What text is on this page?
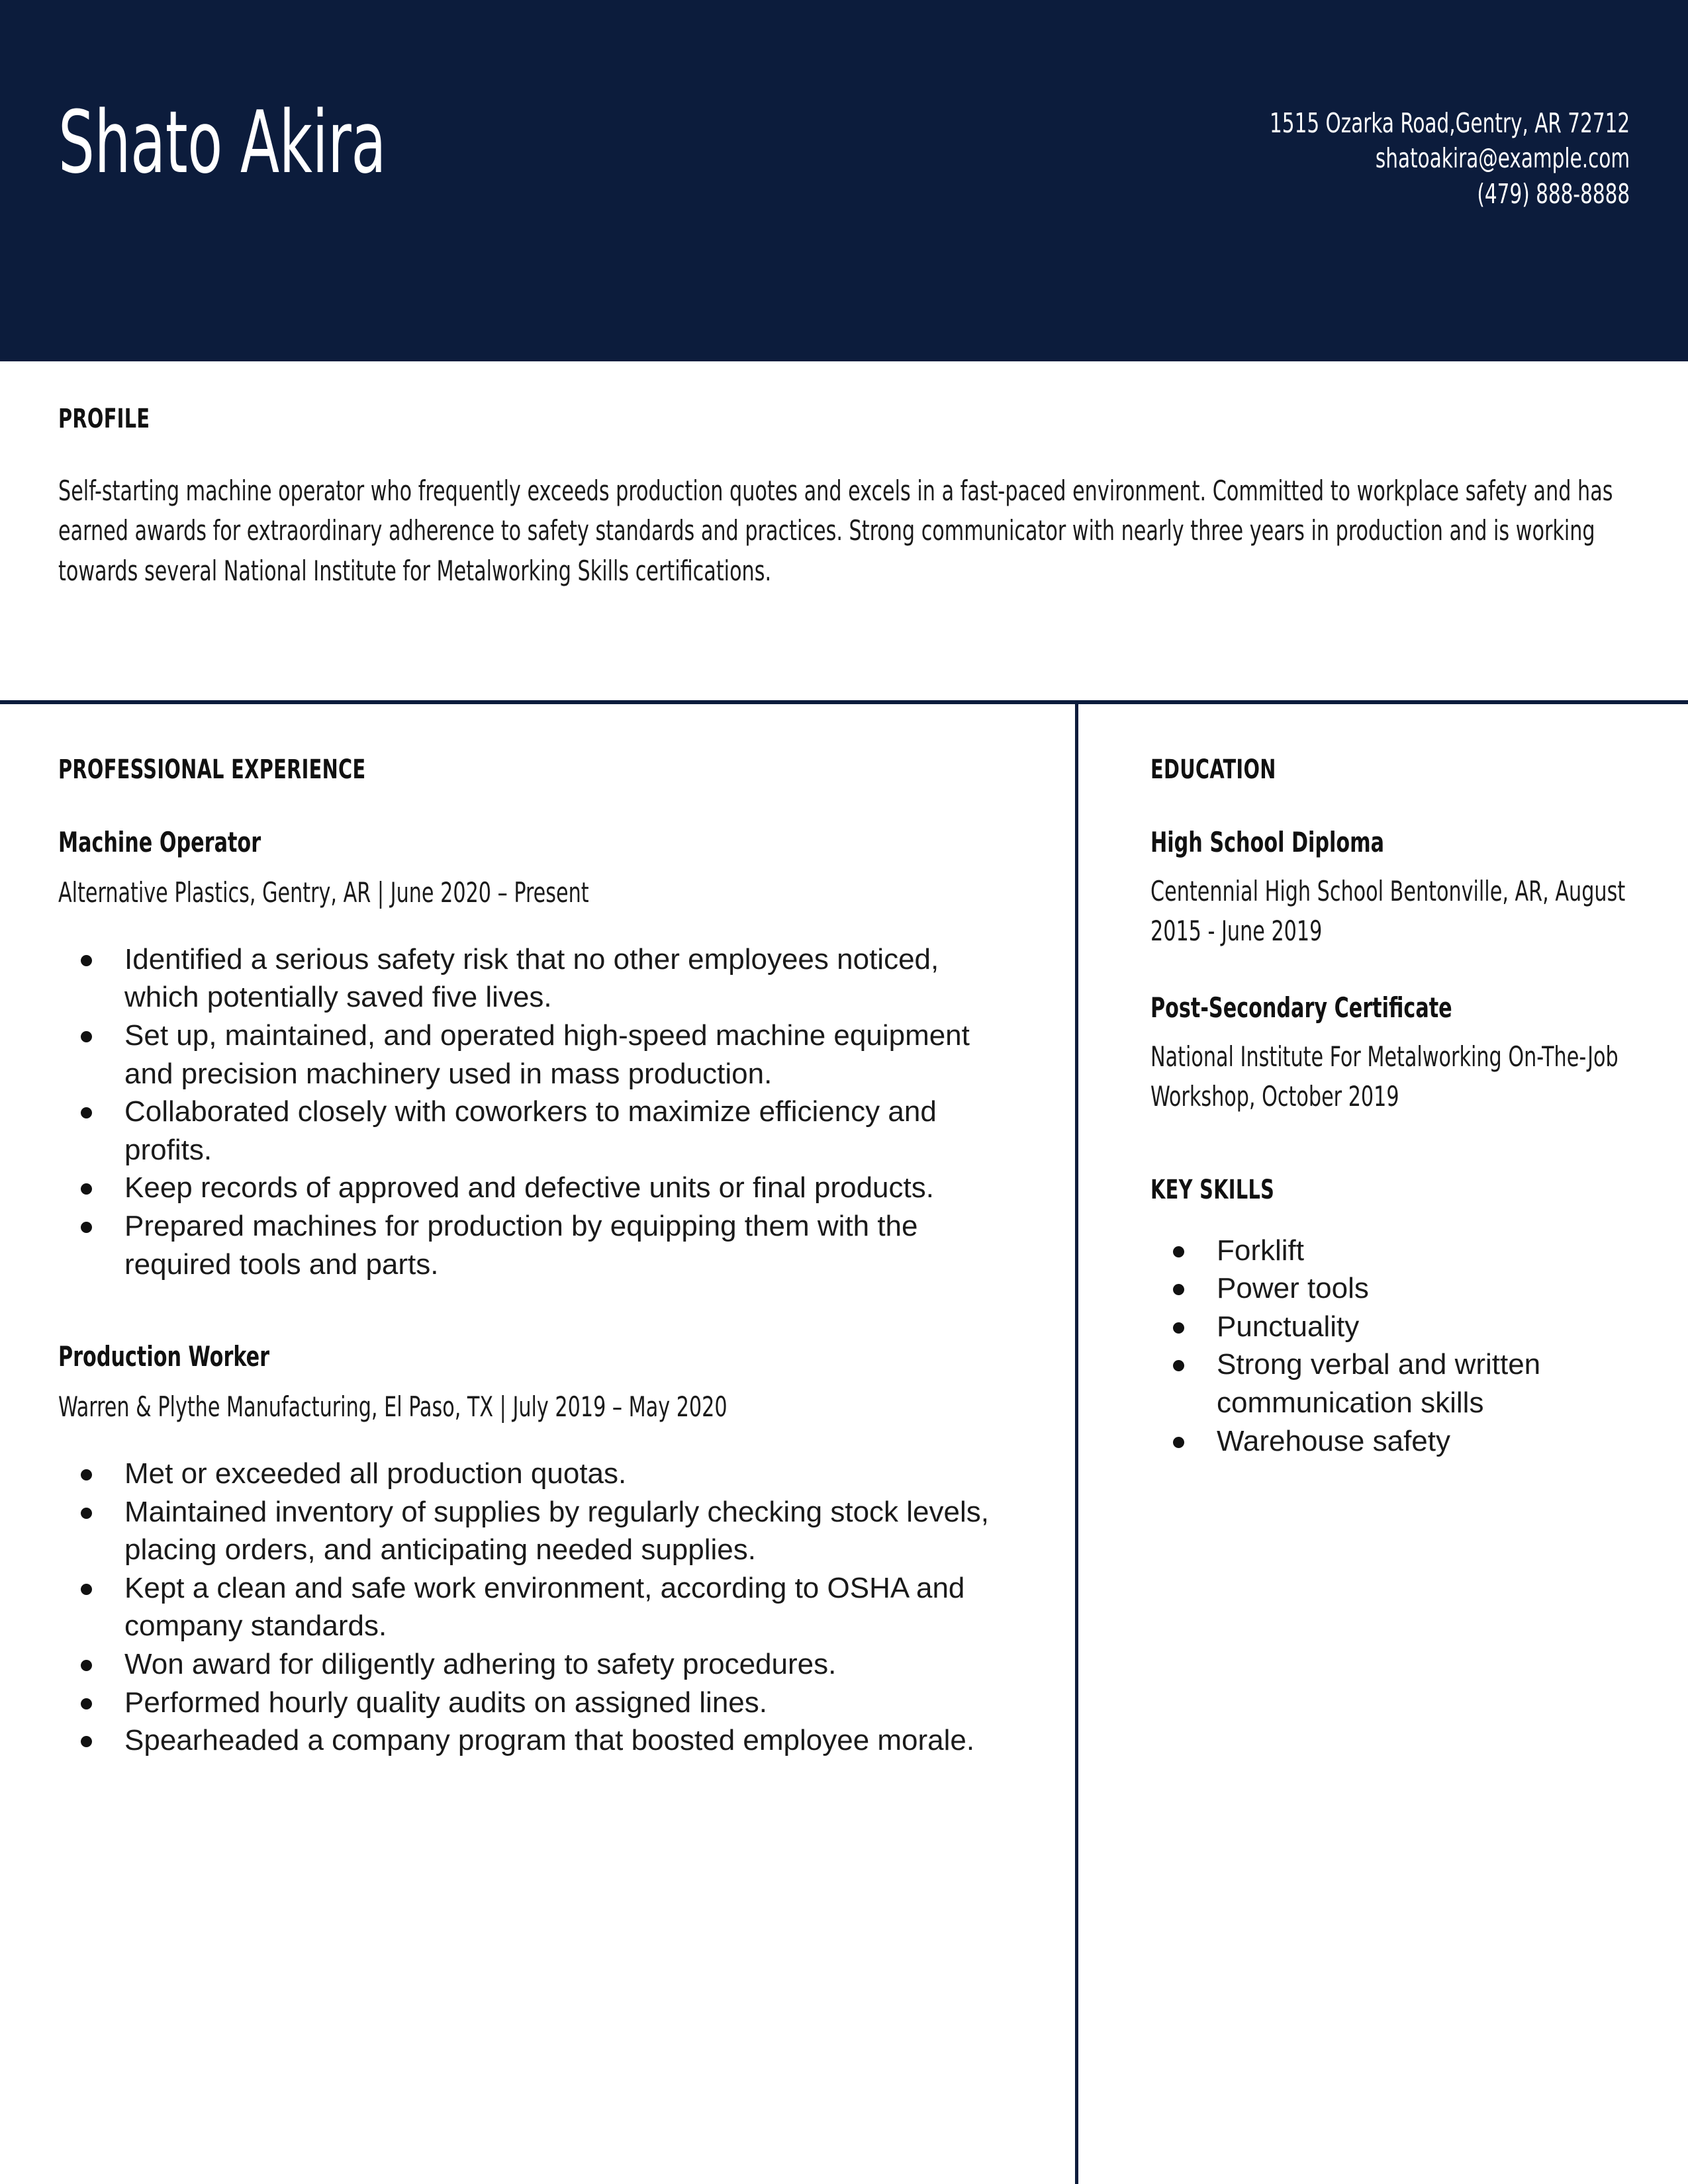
Shato Akira	1515 Ozarka Road,Gentry, AR 72712
shatoakira@example.com
(479) 888-8888
PROFILE
Self-starting machine operator who frequently exceeds production quotes and excels in a fast-paced environment. Committed to workplace safety and has earned awards for extraordinary adherence to safety standards and practices. Strong communicator with nearly three years in production and is working towards several National Institute for Metalworking Skills certifications.
PROFESSIONAL EXPERIENCE
Machine Operator
Alternative Plastics, Gentry, AR | June 2020 – Present
Identified a serious safety risk that no other employees noticed, which potentially saved five lives.
Set up, maintained, and operated high-speed machine equipment and precision machinery used in mass production.
Collaborated closely with coworkers to maximize efficiency and profits.
Keep records of approved and defective units or final products.
Prepared machines for production by equipping them with the required tools and parts.
Production Worker
Warren & Plythe Manufacturing, El Paso, TX | July 2019 – May 2020
Met or exceeded all production quotas.
Maintained inventory of supplies by regularly checking stock levels, placing orders, and anticipating needed supplies.
Kept a clean and safe work environment, according to OSHA and company standards.
Won award for diligently adhering to safety procedures.
Performed hourly quality audits on assigned lines.
Spearheaded a company program that boosted employee morale.
EDUCATION
High School Diploma
Centennial High School Bentonville, AR, August 2015 - June 2019
Post-Secondary Certificate
National Institute For Metalworking On-The-Job Workshop, October 2019
KEY SKILLS
Forklift
Power tools
Punctuality
Strong verbal and written communication skills
Warehouse safety
